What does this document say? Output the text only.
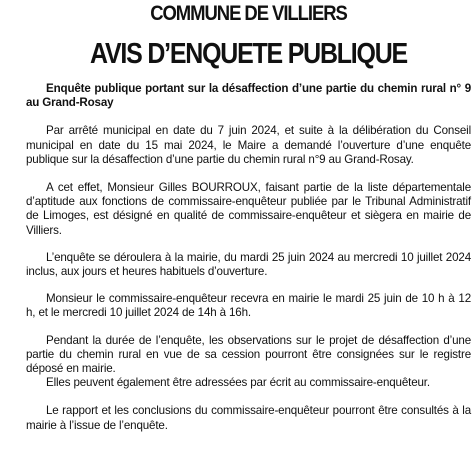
COMMUNE DE VILLIERS
AVIS D’ENQUETE PUBLIQUE

Enquête publique portant sur la désaffection d’une partie du chemin rural n° 9 au Grand-Rosay

Par arrêté municipal en date du 7 juin 2024, et suite à la délibération du Conseil municipal en date du 15 mai 2024, le Maire a demandé l’ouverture d’une enquête publique sur la désaffection d’une partie du chemin rural n°9 au Grand-Rosay.

A cet effet, Monsieur Gilles BOURROUX, faisant partie de la liste départementale d’aptitude aux fonctions de commissaire-enquêteur publiée par le Tribunal Administratif de Limoges, est désigné en qualité de commissaire-enquêteur et siègera en mairie de Villiers.

L’enquête se déroulera à la mairie, du mardi 25 juin 2024 au mercredi 10 juillet 2024 inclus, aux jours et heures habituels d’ouverture.

Monsieur le commissaire-enquêteur recevra en mairie le mardi 25 juin de 10 h à 12 h, et le mercredi 10 juillet 2024 de 14h à 16h.

Pendant la durée de l’enquête, les observations sur le projet de désaffection d’une partie du chemin rural en vue de sa cession pourront être consignées sur le registre déposé en mairie.

Elles peuvent également être adressées par écrit au commissaire-enquêteur.

Le rapport et les conclusions du commissaire-enquêteur pourront être consultés à la mairie à l’issue de l’enquête.
